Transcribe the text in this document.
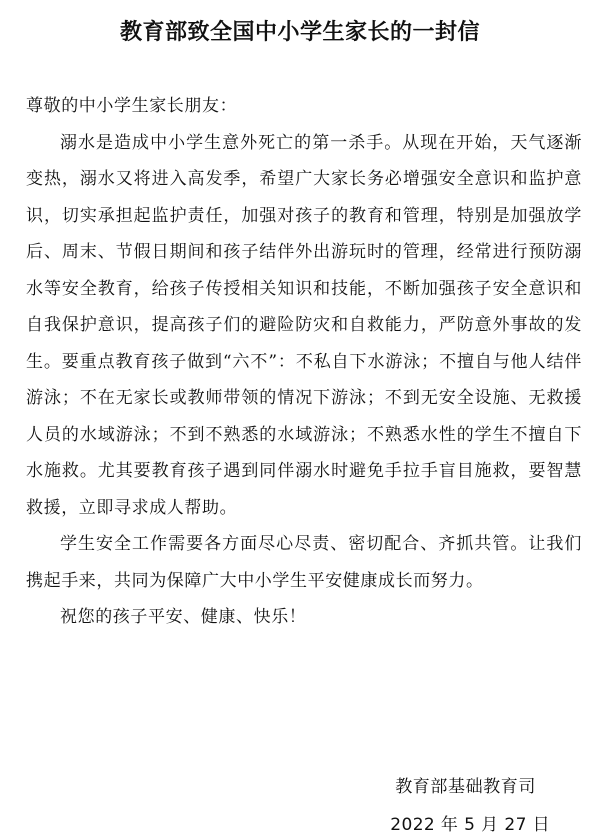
教育部致全国中小学生家长的一封信

尊敬的中小学生家长朋友：

溺水是造成中小学生意外死亡的第一杀手。从现在开始，天气逐渐变热，溺水又将进入高发季，希望广大家长务必增强安全意识和监护意识，切实承担起监护责任，加强对孩子的教育和管理，特别是加强放学后、周末、节假日期间和孩子结伴外出游玩时的管理，经常进行预防溺水等安全教育，给孩子传授相关知识和技能，不断加强孩子安全意识和自我保护意识，提高孩子们的避险防灾和自救能力，严防意外事故的发生。要重点教育孩子做到“六不”：不私自下水游泳；不擅自与他人结伴游泳；不在无家长或教师带领的情况下游泳；不到无安全设施、无救援人员的水域游泳；不到不熟悉的水域游泳；不熟悉水性的学生不擅自下水施救。尤其要教育孩子遇到同伴溺水时避免手拉手盲目施救，要智慧救援，立即寻求成人帮助。

学生安全工作需要各方面尽心尽责、密切配合、齐抓共管。让我们携起手来，共同为保障广大中小学生平安健康成长而努力。

祝您的孩子平安、健康、快乐！

教育部基础教育司
2022 年 5 月 27 日
